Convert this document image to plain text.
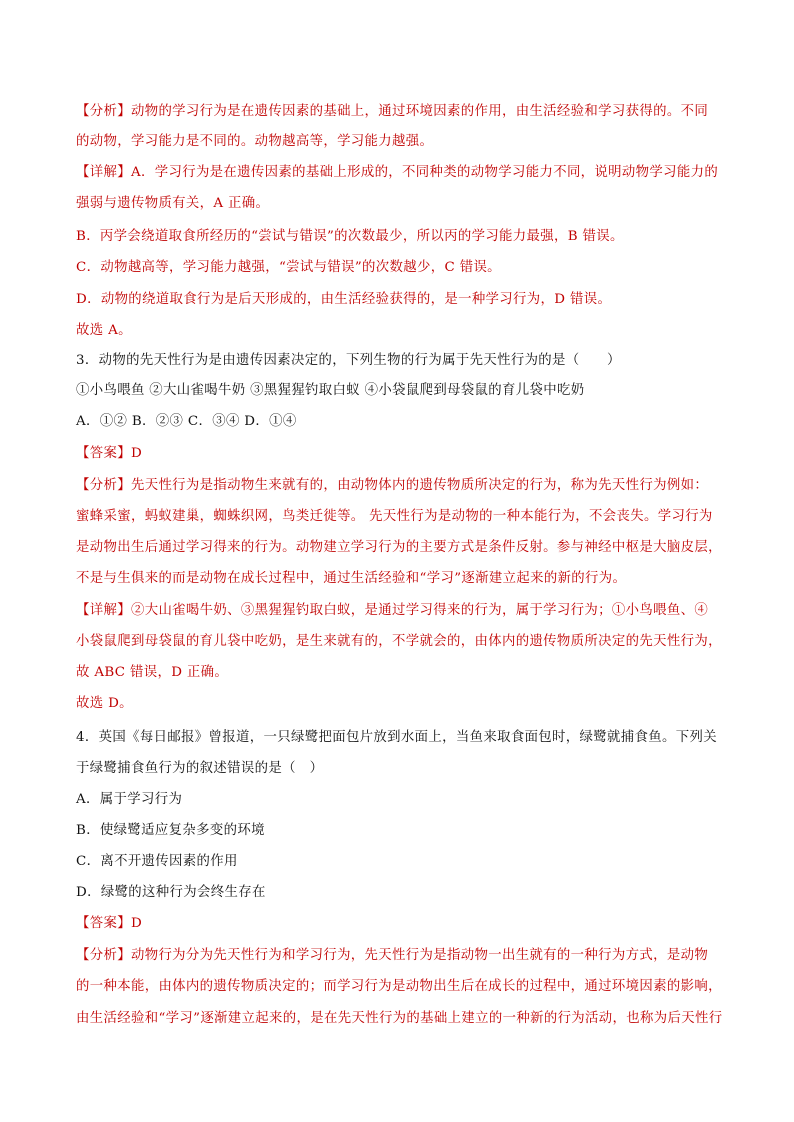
【分析】动物的学习行为是在遗传因素的基础上，通过环境因素的作用，由生活经验和学习获得的。不同
的动物，学习能力是不同的。动物越高等，学习能力越强。
【详解】A．学习行为是在遗传因素的基础上形成的，不同种类的动物学习能力不同，说明动物学习能力的
强弱与遗传物质有关，A 正确。
B．丙学会绕道取食所经历的“尝试与错误”的次数最少，所以丙的学习能力最强，B 错误。
C．动物越高等，学习能力越强，“尝试与错误”的次数越少，C 错误。
D．动物的绕道取食行为是后天形成的，由生活经验获得的，是一种学习行为，D 错误。
故选 A。
3．动物的先天性行为是由遗传因素决定的，下列生物的行为属于先天性行为的是（　　）
①小鸟喂鱼 ②大山雀喝牛奶 ③黑猩猩钓取白蚁 ④小袋鼠爬到母袋鼠的育儿袋中吃奶
A．①② B．②③ C．③④ D．①④
【答案】D
【分析】先天性行为是指动物生来就有的，由动物体内的遗传物质所决定的行为，称为先天性行为例如：
蜜蜂采蜜，蚂蚁建巢，蜘蛛织网，鸟类迁徙等。 先天性行为是动物的一种本能行为，不会丧失。学习行为
是动物出生后通过学习得来的行为。动物建立学习行为的主要方式是条件反射。参与神经中枢是大脑皮层，
不是与生俱来的而是动物在成长过程中，通过生活经验和“学习”逐渐建立起来的新的行为。
【详解】②大山雀喝牛奶、③黑猩猩钓取白蚁，是通过学习得来的行为，属于学习行为；①小鸟喂鱼、④
小袋鼠爬到母袋鼠的育儿袋中吃奶，是生来就有的，不学就会的，由体内的遗传物质所决定的先天性行为，
故 ABC 错误，D 正确。
故选 D。
4．英国《每日邮报》曾报道，一只绿鹭把面包片放到水面上，当鱼来取食面包时，绿鹭就捕食鱼。下列关
于绿鹭捕食鱼行为的叙述错误的是（　）
A．属于学习行为
B．使绿鹭适应复杂多变的环境
C．离不开遗传因素的作用
D．绿鹭的这种行为会终生存在
【答案】D
【分析】动物行为分为先天性行为和学习行为，先天性行为是指动物一出生就有的一种行为方式，是动物
的一种本能，由体内的遗传物质决定的；而学习行为是动物出生后在成长的过程中，通过环境因素的影响，
由生活经验和“学习”逐渐建立起来的，是在先天性行为的基础上建立的一种新的行为活动，也称为后天性行
